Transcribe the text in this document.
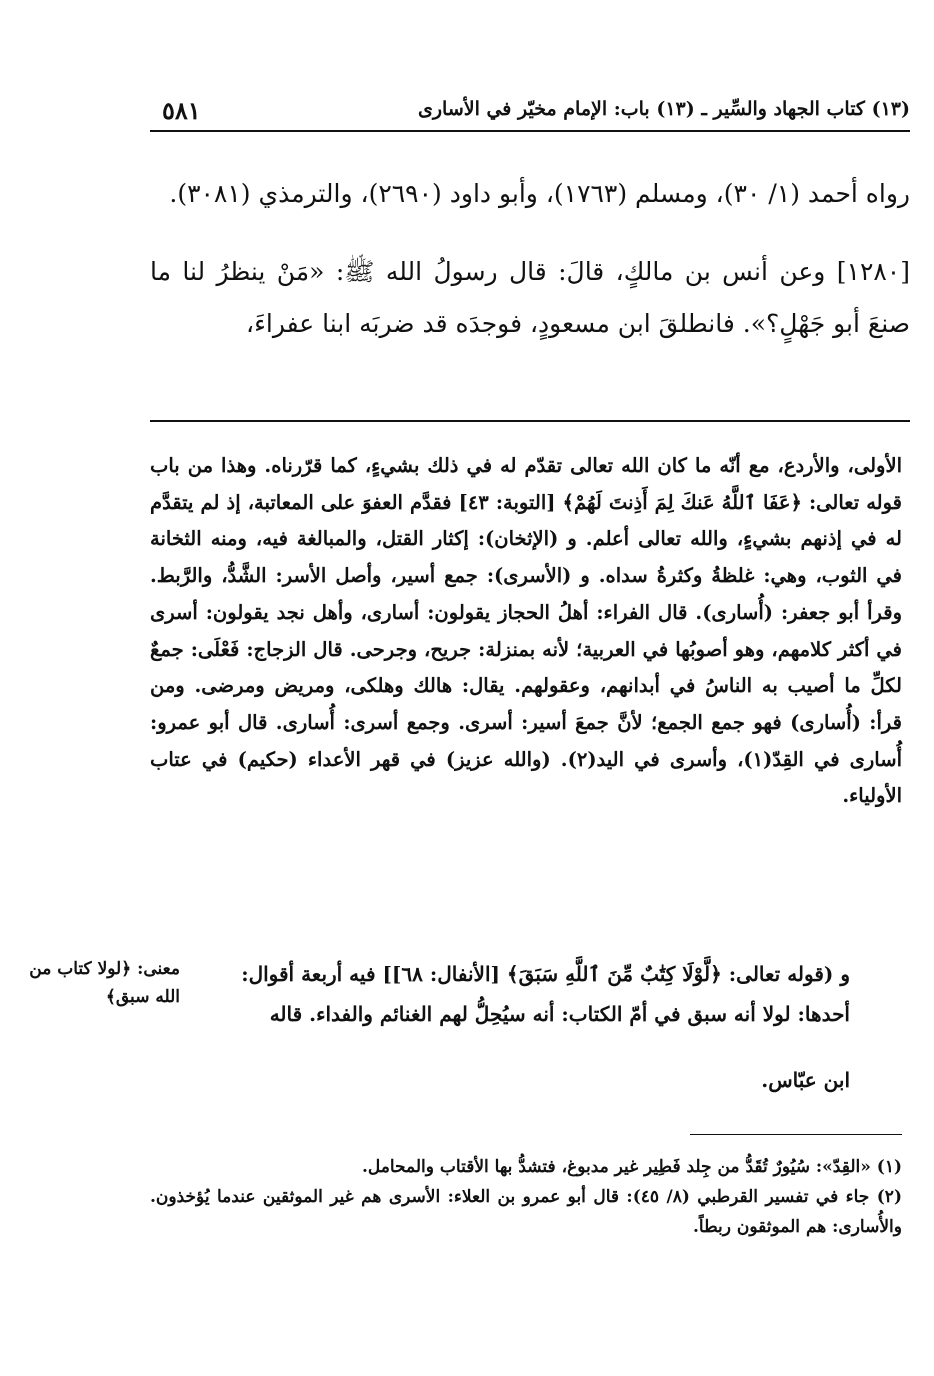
(١٣) كتاب الجهاد والسِّير ـ (١٣) باب: الإمام مخيّر في الأسارى
٥٨١

رواه أحمد (١/ ٣٠)، ومسلم (١٧٦٣)، وأبو داود (٢٦٩٠)، والترمذي (٣٠٨١).

[١٢٨٠] وعن أنس بن مالكٍ، قالَ: قال رسولُ الله ﷺ: «مَنْ ينظرُ لنا ما صنعَ أبو جَهْلٍ؟». فانطلقَ ابن مسعودٍ، فوجدَه قد ضربَه ابنا عفراءَ،

الأولى، والأردع، مع أنّه ما كان الله تعالى تقدّم له في ذلك بشيءٍ، كما قرّرناه. وهذا من باب قوله تعالى: ﴿عَفَا ٱللَّهُ عَنكَ لِمَ أَذِنتَ لَهُمْ﴾ [التوبة: ٤٣] فقدَّم العفوَ على المعاتبة، إذ لم يتقدَّم له في إذنهم بشيءٍ، والله تعالى أعلم. و (الإثخان): إكثار القتل، والمبالغة فيه، ومنه الثخانة في الثوب، وهي: غلظةُ وكثرةُ سداه. و (الأسرى): جمع أسير، وأصل الأسر: الشَّدُّ، والرَّبط. وقرأ أبو جعفر: (أُسارى). قال الفراء: أهلُ الحجاز يقولون: أسارى، وأهل نجد يقولون: أسرى في أكثر كلامهم، وهو أصوبُها في العربية؛ لأنه بمنزلة: جريح، وجرحى. قال الزجاج: فَعْلَى: جمعٌ لكلِّ ما أصيب به الناسُ في أبدانهم، وعقولهم. يقال: هالك وهلكى، ومريض ومرضى. ومن قرأ: (أُسارى) فهو جمع الجمع؛ لأنَّ جمعَ أسير: أسرى. وجمع أسرى: أُسارى. قال أبو عمرو: أُسارى في القِدّ(١)، وأسرى في اليد(٢). (والله عزيز) في قهر الأعداء (حكيم) في عتاب الأولياء.

و (قوله تعالى: ﴿لَّوْلَا كِتَٰبٌ مِّنَ ٱللَّهِ سَبَقَ﴾ [الأنفال: ٦٨]] فيه أربعة أقوال:

أحدها: لولا أنه سبق في أمّ الكتاب: أنه سيُحِلُّ لهم الغنائم والفداء. قاله

ابن عبّاس.

معنى: ﴿لولا كتاب من الله سبق﴾

(١) «القِدّ»: سُيُورٌ تُقَدُّ من جِلد فَطِير غير مدبوغ، فتشدُّ بها الأقتاب والمحامل.

(٢) جاء في تفسير القرطبي (٨/ ٤٥): قال أبو عمرو بن العلاء: الأسرى هم غير الموثقين عندما يُؤخذون. والأُسارى: هم الموثقون ربطاً.
